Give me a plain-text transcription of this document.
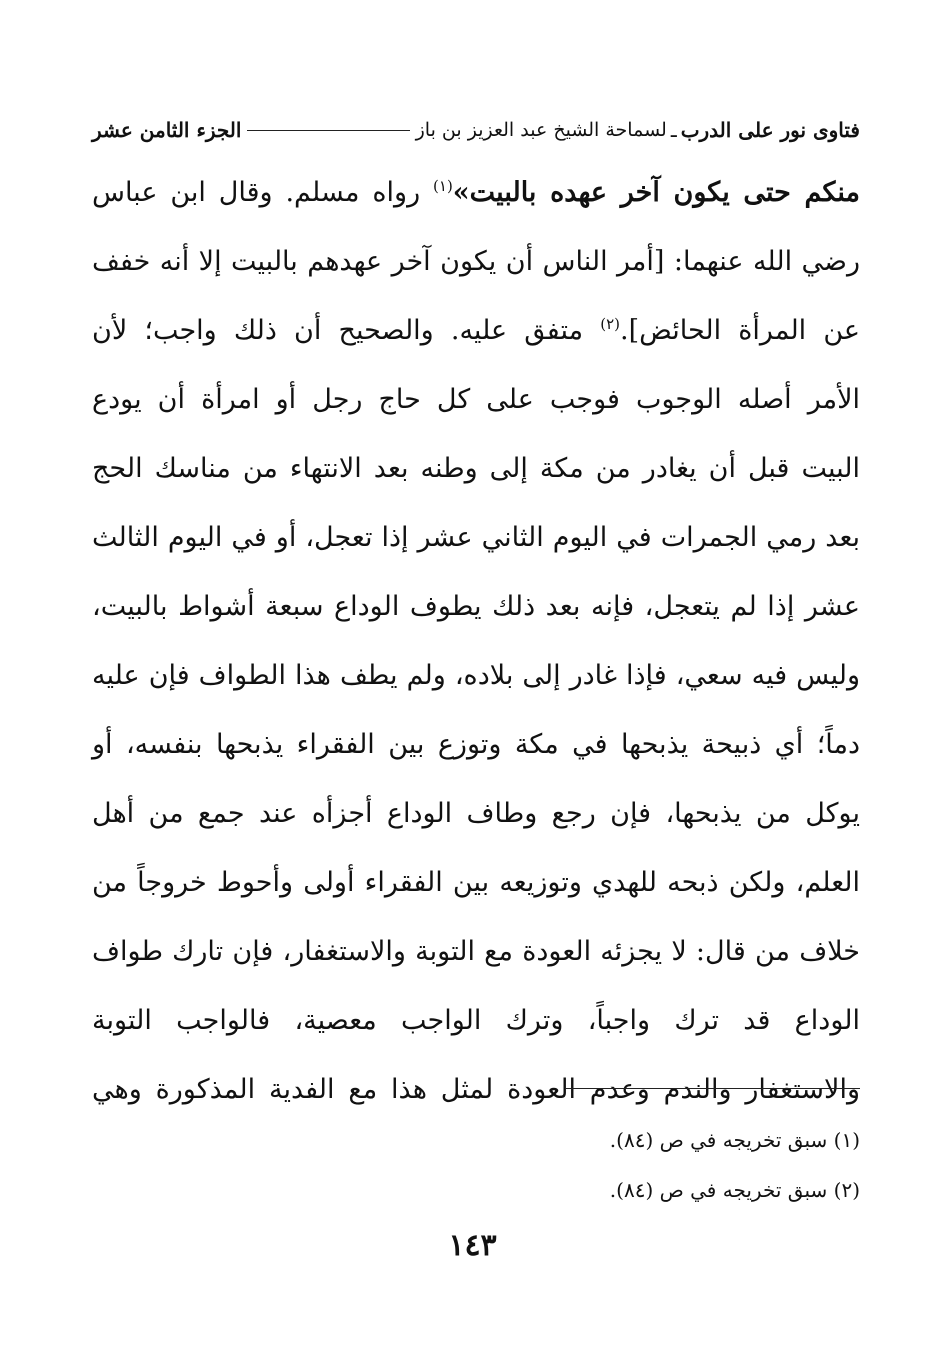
فتاوى نور على الدرب
ـ
لسماحة الشيخ عبد العزيز بن باز
الجزء الثامن عشر
منكم حتى يكون آخر عهده بالبيت»$^{(١)}$ رواه مسلم. وقال ابن عباس
رضي الله عنهما: [أمر الناس أن يكون آخر عهدهم بالبيت إلا أنه خفف
عن المرأة الحائض].$^{(٢)}$ متفق عليه. والصحيح أن ذلك واجب؛ لأن
الأمر أصله الوجوب فوجب على كل حاج رجل أو امرأة أن يودع
البيت قبل أن يغادر من مكة إلى وطنه بعد الانتهاء من مناسك الحج
بعد رمي الجمرات في اليوم الثاني عشر إذا تعجل، أو في اليوم الثالث
عشر إذا لم يتعجل، فإنه بعد ذلك يطوف الوداع سبعة أشواط بالبيت،
وليس فيه سعي، فإذا غادر إلى بلاده، ولم يطف هذا الطواف فإن عليه
دماً؛ أي ذبيحة يذبحها في مكة وتوزع بين الفقراء يذبحها بنفسه، أو
يوكل من يذبحها، فإن رجع وطاف الوداع أجزأه عند جمع من أهل
العلم، ولكن ذبحه للهدي وتوزيعه بين الفقراء أولى وأحوط خروجاً من
خلاف من قال: لا يجزئه العودة مع التوبة والاستغفار، فإن تارك طواف
الوداع قد ترك واجباً، وترك الواجب معصية، فالواجب التوبة
والاستغفار والندم وعدم العودة لمثل هذا مع الفدية المذكورة وهي
(١) سبق تخريجه في ص (٨٤).
(٢) سبق تخريجه في ص (٨٤).
١٤٣
